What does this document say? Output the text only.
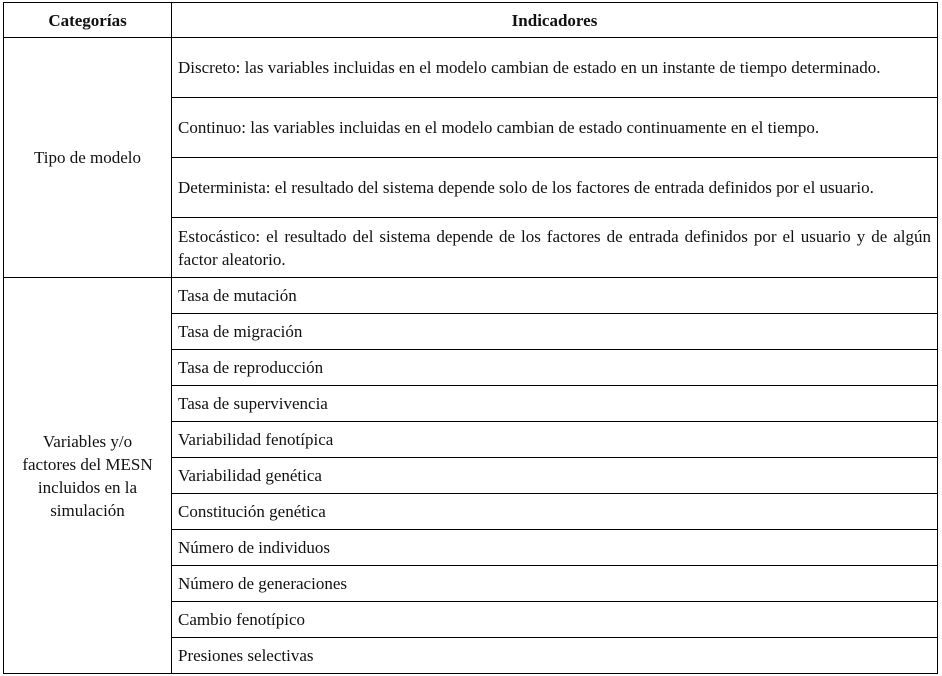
Categorías	Indicadores
Tipo de modelo	Discreto: las variables incluidas en el modelo cambian de estado en un instante de tiempo determinado.
	Continuo: las variables incluidas en el modelo cambian de estado continuamente en el tiempo.
	Determinista: el resultado del sistema depende solo de los factores de entrada definidos por el usuario.
	Estocástico: el resultado del sistema depende de los factores de entrada definidos por el usuario y de algún factor aleatorio.
Variables y/o factores del MESN incluidos en la simulación	Tasa de mutación
	Tasa de migración
	Tasa de reproducción
	Tasa de supervivencia
	Variabilidad fenotípica
	Variabilidad genética
	Constitución genética
	Número de individuos
	Número de generaciones
	Cambio fenotípico
	Presiones selectivas
